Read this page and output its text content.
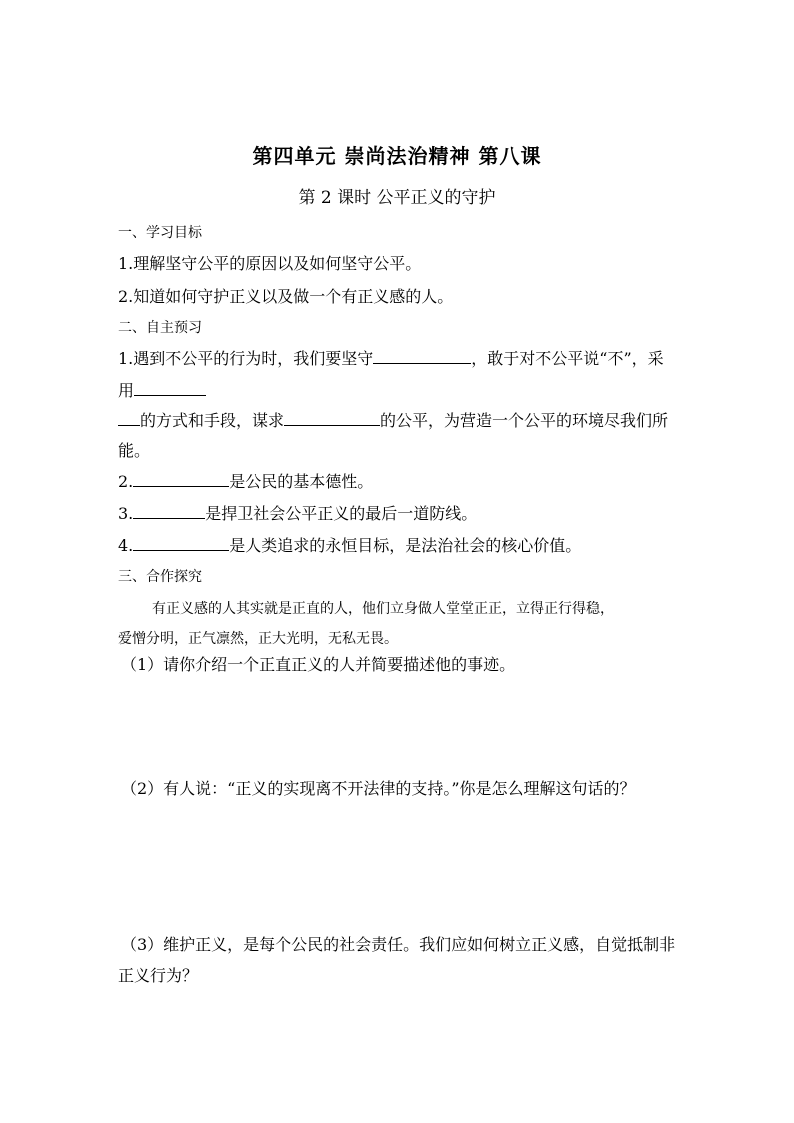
第四单元 崇尚法治精神 第八课
第 2 课时 公平正义的守护
一、学习目标
1.理解坚守公平的原因以及如何坚守公平。
2.知道如何守护正义以及做一个有正义感的人。
二、自主预习
1.遇到不公平的行为时，我们要坚守	，敢于对不公平说“不”，采
用
的方式和手段，谋求	的公平，为营造一个公平的环境尽我们所
能。
2.	是公民的基本德性。
3.	是捍卫社会公平正义的最后一道防线。
4.	是人类追求的永恒目标，是法治社会的核心价值。
三、合作探究
有正义感的人其实就是正直的人，他们立身做人堂堂正正，立得正行得稳，
爱憎分明，正气凛然，正大光明，无私无畏。
（1）请你介绍一个正直正义的人并简要描述他的事迹。
（2）有人说：“正义的实现离不开法律的支持。”你是怎么理解这句话的？
（3）维护正义，是每个公民的社会责任。我们应如何树立正义感，自觉抵制非
正义行为？
